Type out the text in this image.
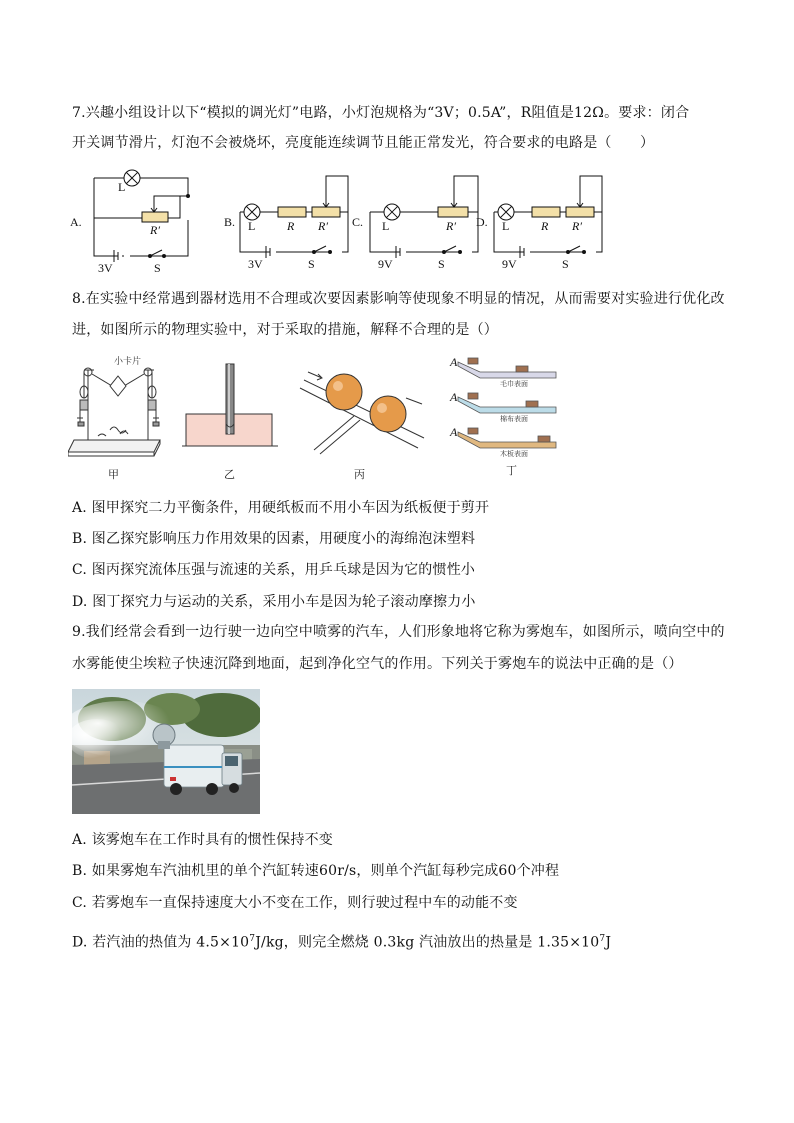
7.兴趣小组设计以下“模拟的调光灯”电路，小灯泡规格为“3V；0.5A”，R阻值是12Ω。要求：闭合
开关调节滑片，灯泡不会被烧坏，亮度能连续调节且能正常发光，符合要求的电路是（　　）
A.
L
R′
3V	S
B. L	R R′
3V	S
C. L	R′
9V	S
D. L	R R′
9V	S
8.在实验中经常遇到器材选用不合理或次要因素影响等使现象不明显的情况，从而需要对实验进行优化改
进，如图所示的物理实验中，对于采取的措施，解释不合理的是（）
小卡片
甲	乙	丙
A
毛巾表面
A
棉布表面
A
木板表面
丁
A. 图甲探究二力平衡条件，用硬纸板而不用小车因为纸板便于剪开
B. 图乙探究影响压力作用效果的因素，用硬度小的海绵泡沫塑料
C. 图丙探究流体压强与流速的关系，用乒乓球是因为它的惯性小
D. 图丁探究力与运动的关系，采用小车是因为轮子滚动摩擦力小
9.我们经常会看到一边行驶一边向空中喷雾的汽车，人们形象地将它称为雾炮车，如图所示，喷向空中的
水雾能使尘埃粒子快速沉降到地面，起到净化空气的作用。下列关于雾炮车的说法中正确的是（）
A. 该雾炮车在工作时具有的惯性保持不变
B. 如果雾炮车汽油机里的单个汽缸转速60r/s，则单个汽缸每秒完成60个冲程
C. 若雾炮车一直保持速度大小不变在工作，则行驶过程中车的动能不变
D. 若汽油的热值为 $4.5\times 10^7J/kg$，则完全燃烧 0.3kg 汽油放出的热量是 $1.35\times 10^7J$
